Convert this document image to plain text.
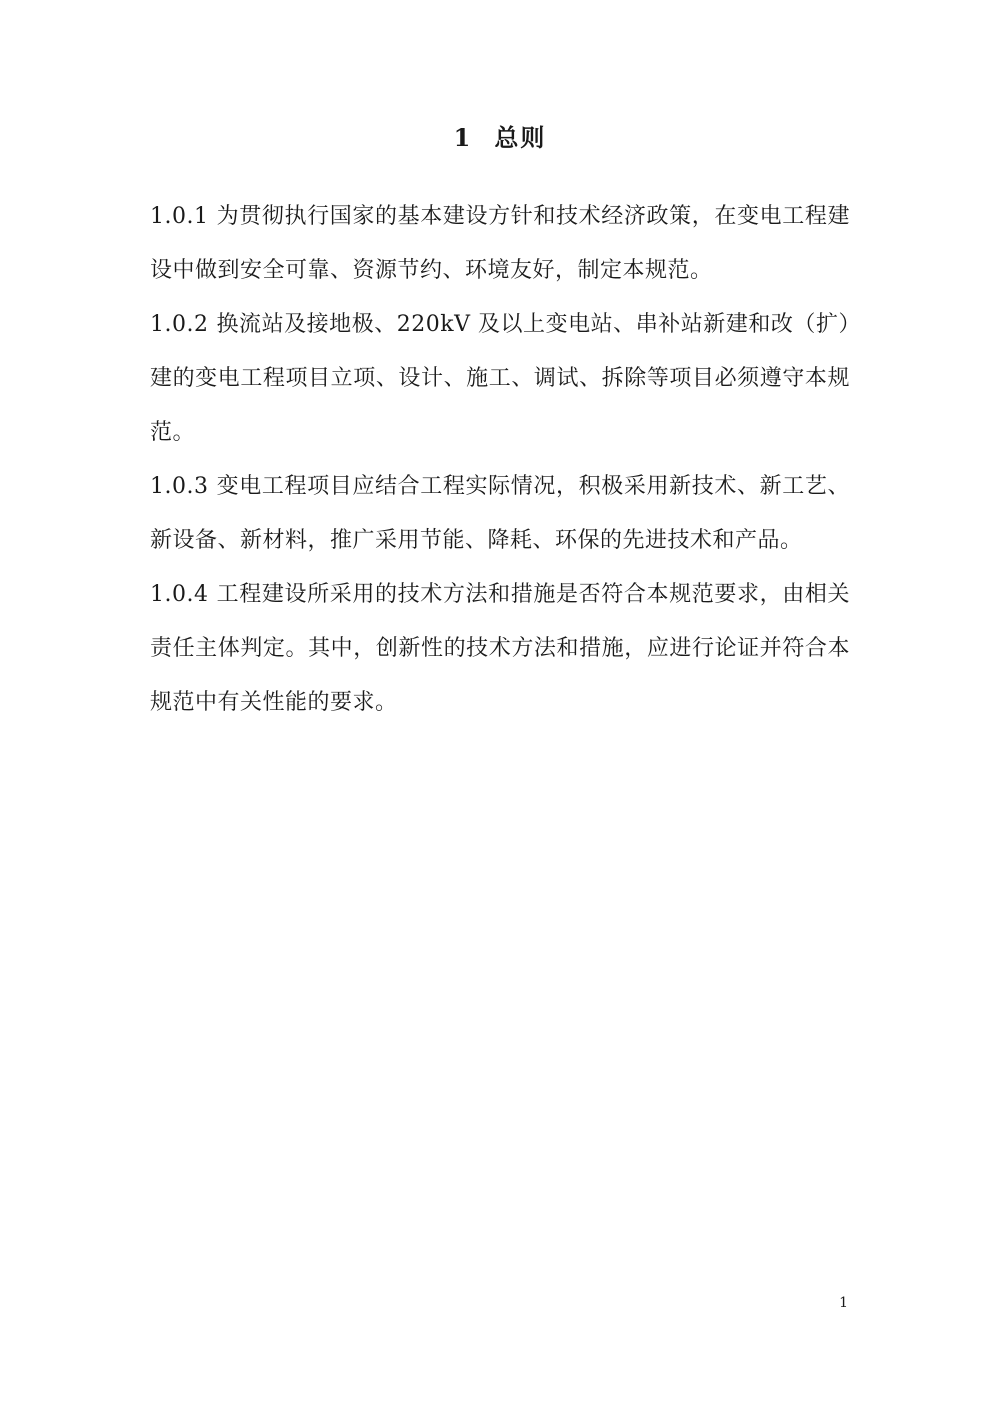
1 总则

1.0.1 为贯彻执行国家的基本建设方针和技术经济政策，在变电工程建设中做到安全可靠、资源节约、环境友好，制定本规范。

1.0.2 换流站及接地极、220kV 及以上变电站、串补站新建和改（扩）建的变电工程项目立项、设计、施工、调试、拆除等项目必须遵守本规范。

1.0.3 变电工程项目应结合工程实际情况，积极采用新技术、新工艺、新设备、新材料，推广采用节能、降耗、环保的先进技术和产品。

1.0.4 工程建设所采用的技术方法和措施是否符合本规范要求，由相关责任主体判定。其中，创新性的技术方法和措施，应进行论证并符合本规范中有关性能的要求。

1
